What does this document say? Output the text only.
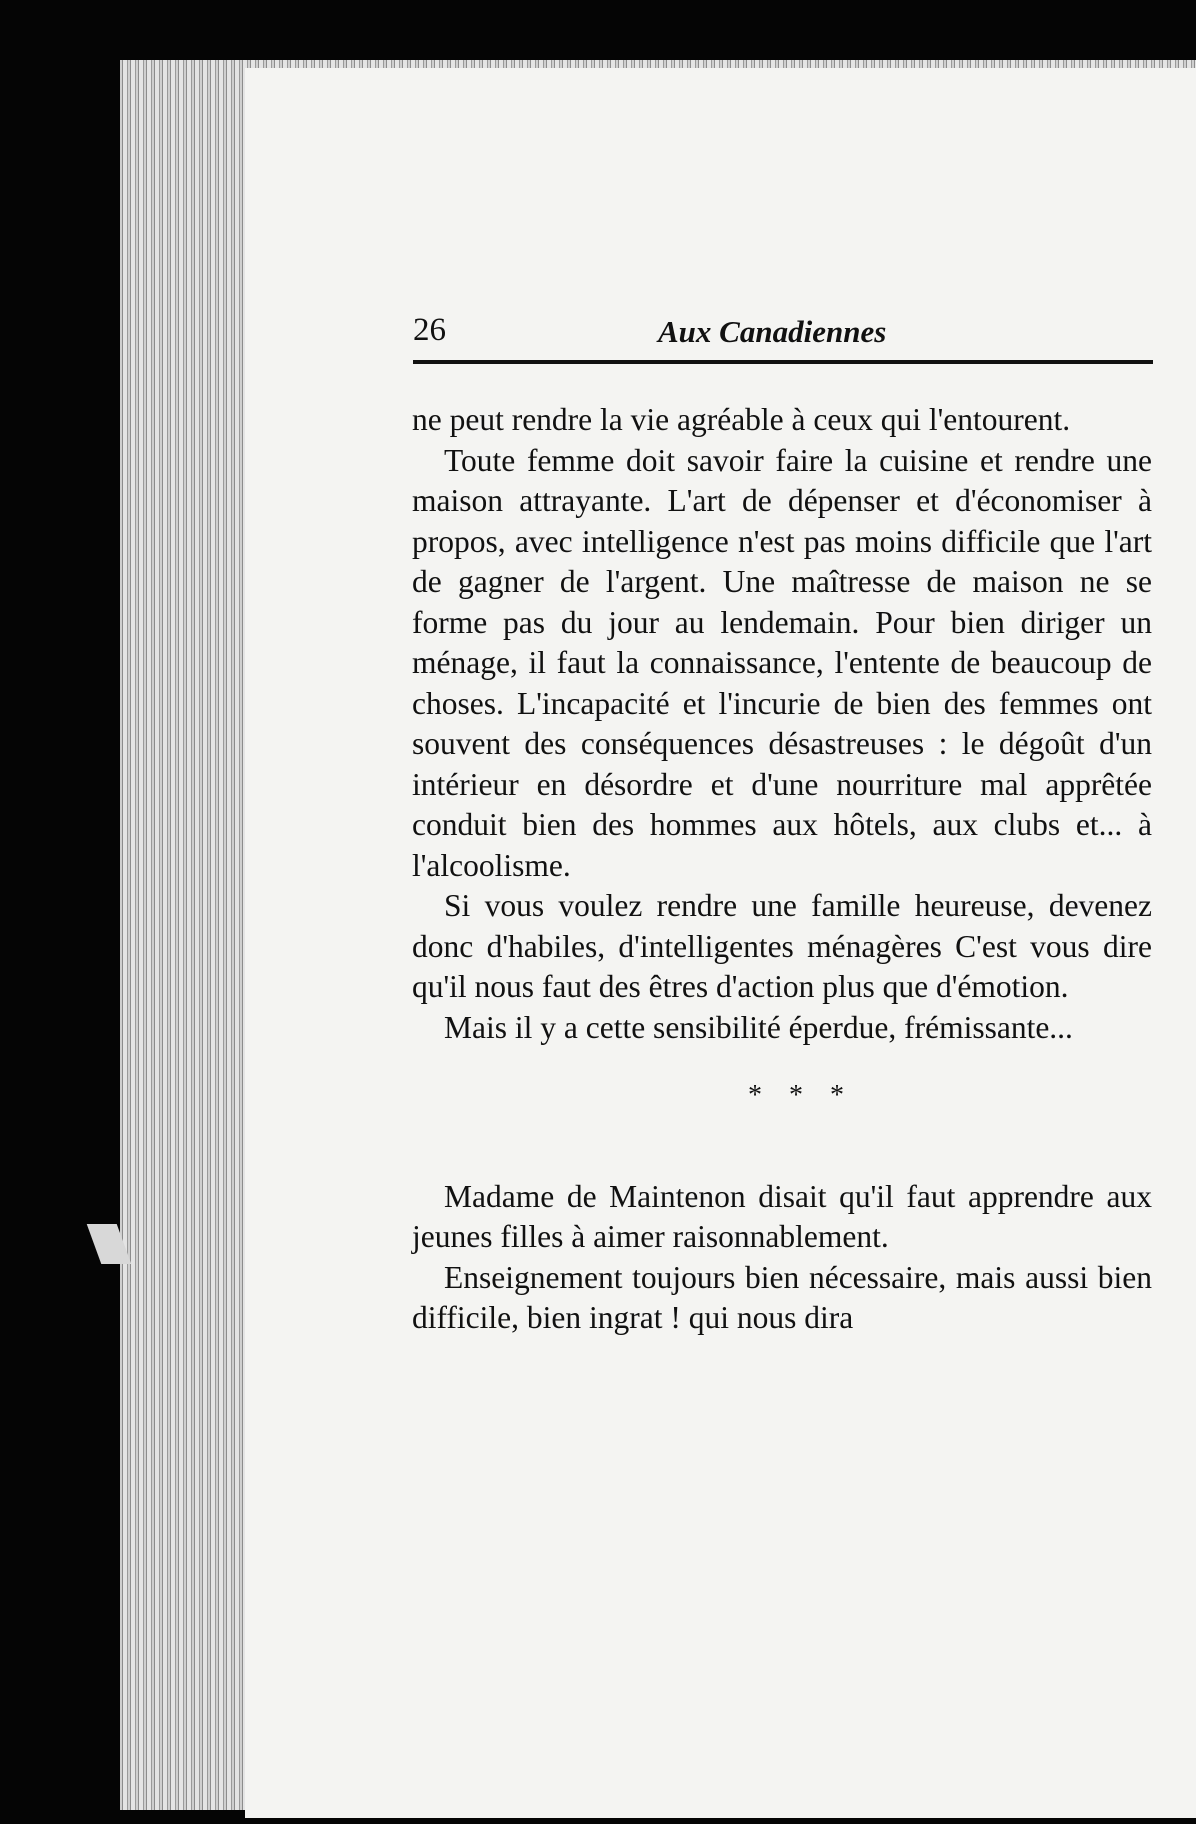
26	Aux Canadiennes

ne peut rendre la vie agréable à ceux qui l'entourent.

Toute femme doit savoir faire la cuisine et rendre une maison attrayante. L'art de dépenser et d'économiser à propos, avec intelligence n'est pas moins difficile que l'art de gagner de l'argent. Une maîtresse de maison ne se forme pas du jour au lendemain. Pour bien diriger un ménage, il faut la connaissance, l'entente de beaucoup de choses. L'incapacité et l'incurie de bien des femmes ont souvent des conséquences désastreuses : le dégoût d'un intérieur en désordre et d'une nourriture mal apprêtée conduit bien des hommes aux hôtels, aux clubs et... à l'alcoolisme.

Si vous voulez rendre une famille heureuse, devenez donc d'habiles, d'intelligentes ménagères C'est vous dire qu'il nous faut des êtres d'action plus que d'émotion.

Mais il y a cette sensibilité éperdue, frémissante...

* * *

Madame de Maintenon disait qu'il faut apprendre aux jeunes filles à aimer raisonnablement.

Enseignement toujours bien nécessaire, mais aussi bien difficile, bien ingrat ! qui nous dira
